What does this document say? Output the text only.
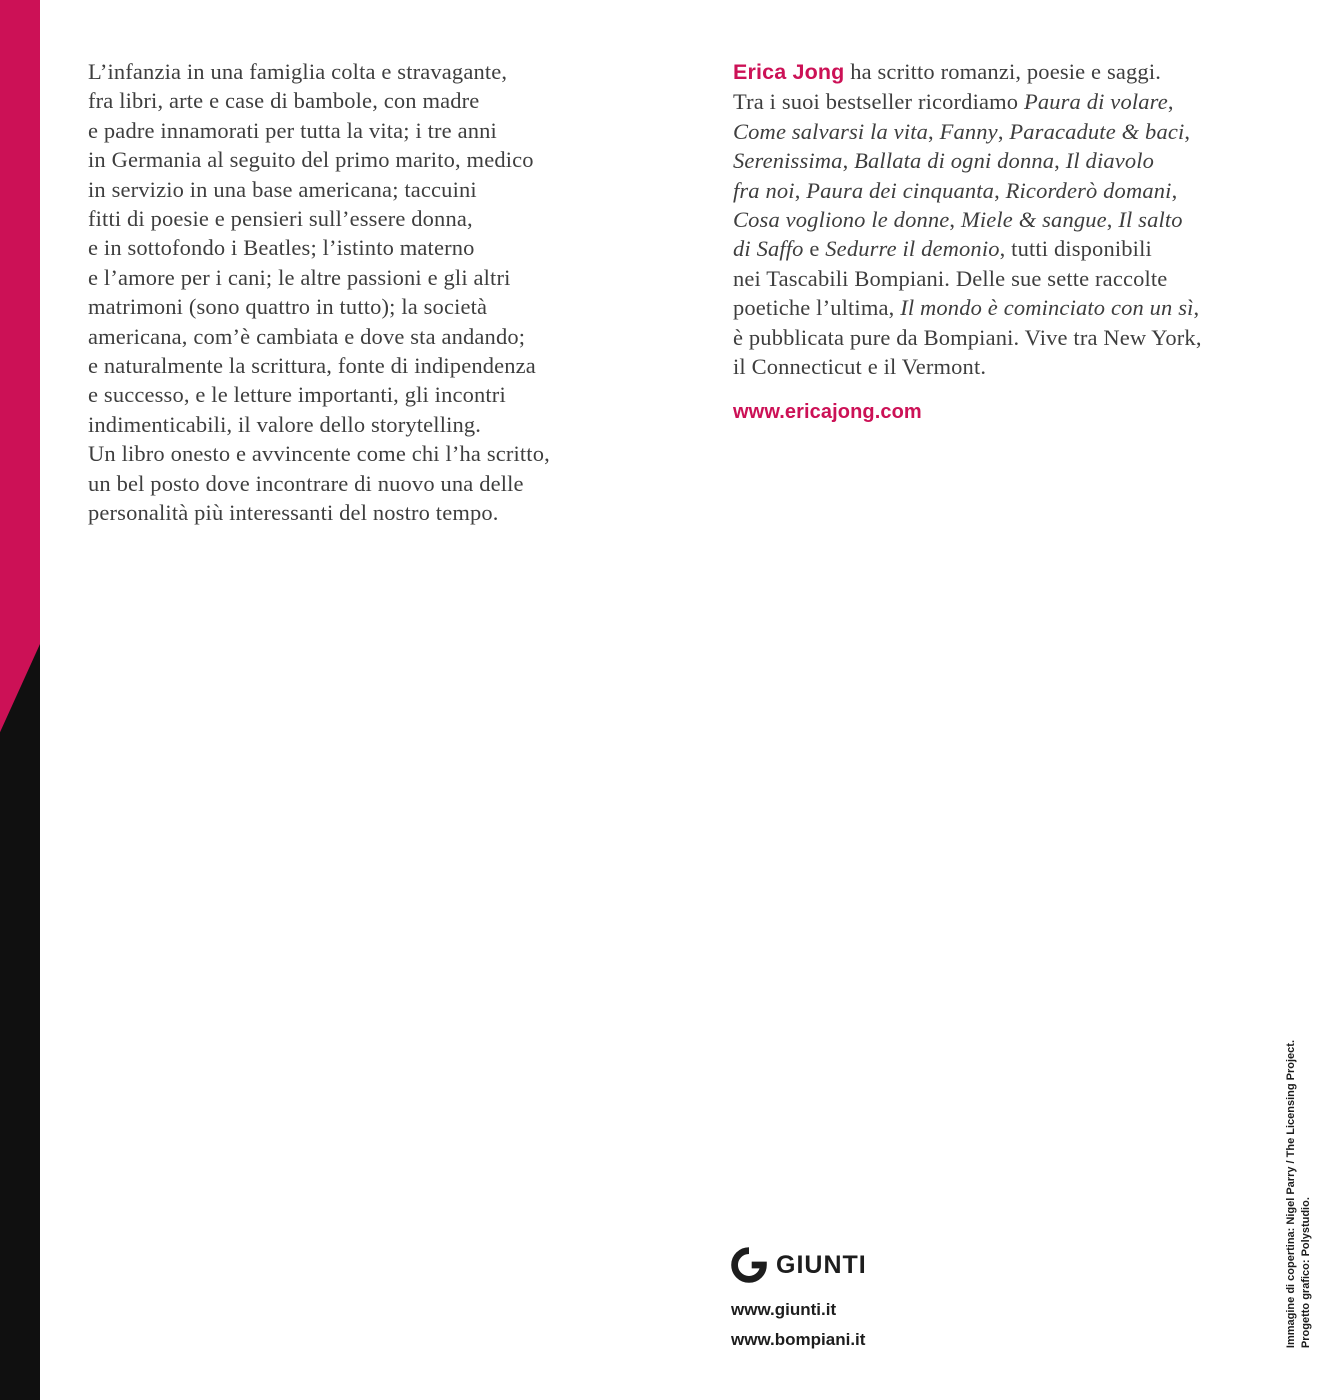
L’infanzia in una famiglia colta e stravagante,
fra libri, arte e case di bambole, con madre
e padre innamorati per tutta la vita; i tre anni
in Germania al seguito del primo marito, medico
in servizio in una base americana; taccuini
fitti di poesie e pensieri sull’essere donna,
e in sottofondo i Beatles; l’istinto materno
e l’amore per i cani; le altre passioni e gli altri
matrimoni (sono quattro in tutto); la società
americana, com’è cambiata e dove sta andando;
e naturalmente la scrittura, fonte di indipendenza
e successo, e le letture importanti, gli incontri
indimenticabili, il valore dello storytelling.
Un libro onesto e avvincente come chi l’ha scritto,
un bel posto dove incontrare di nuovo una delle
personalità più interessanti del nostro tempo.
Erica Jong ha scritto romanzi, poesie e saggi.
Tra i suoi bestseller ricordiamo Paura di volare,
Come salvarsi la vita, Fanny, Paracadute & baci,
Serenissima, Ballata di ogni donna, Il diavolo
fra noi, Paura dei cinquanta, Ricorderò domani,
Cosa vogliono le donne, Miele & sangue, Il salto
di Saffo e Sedurre il demonio, tutti disponibili
nei Tascabili Bompiani. Delle sue sette raccolte
poetiche l’ultima, Il mondo è cominciato con un sì,
è pubblicata pure da Bompiani. Vive tra New York,
il Connecticut e il Vermont.
www.ericajong.com
GIUNTI
www.giunti.it
www.bompiani.it	Immagine di copertina: Nigel Parry / The Licensing Project. Progetto grafico: Polystudio.
